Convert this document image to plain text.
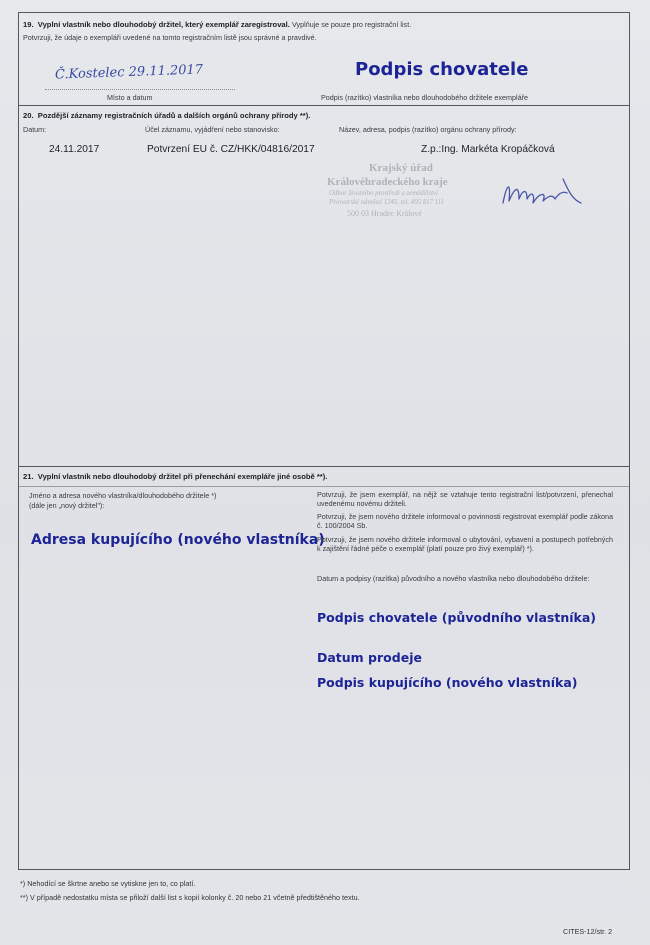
19. Vyplní vlastník nebo dlouhodobý držitel, který exemplář zaregistroval. Vyplňuje se pouze pro registrační list.
Potvrzuji, že údaje o exempláři uvedené na tomto registračním listě jsou správné a pravdivé.
Č.Kostelec 29.11.2017
Místo a datum
Podpis chovatele
Podpis (razítko) vlastníka nebo dlouhodobého držitele exempláře
20. Pozdější záznamy registračních úřadů a dalších orgánů ochrany přírody **).
Datum:	Účel záznamu, vyjádření nebo stanovisko:	Název, adresa, podpis (razítko) orgánu ochrany přírody:
24.11.2017	Potvrzení EU č. CZ/HKK/04816/2017	Z.p.:Ing. Markéta Kropáčková
Krajský úřad
Královéhradeckého kraje
Odbor životního prostředí a zemědělství
Pivovarské náměstí 1245, tel. 495 817 111
500 03 Hradec Králové
21. Vyplní vlastník nebo dlouhodobý držitel při přenechání exempláře jiné osobě **).
Jméno a adresa nového vlastníka/dlouhodobého držitele *)
(dále jen „nový držitel"):
Adresa kupujícího (nového vlastníka)
Potvrzuji, že jsem exemplář, na nějž se vztahuje tento registrační list/potvrzení, přenechal uvedenému novému držiteli.
Potvrzuji, že jsem nového držitele informoval o povinnosti registrovat exemplář podle zákona č. 100/2004 Sb.
Potvrzuji, že jsem nového držitele informoval o ubytování, vybavení a postupech potřebných k zajištění řádné péče o exemplář (platí pouze pro živý exemplář) *).
Datum a podpisy (razítka) původního a nového vlastníka nebo dlouhodobého držitele:
Podpis chovatele (původního vlastníka)
Datum prodeje
Podpis kupujícího (nového vlastníka)
*) Nehodící se škrtne anebo se vytiskne jen to, co platí.
**) V případě nedostatku místa se přiloží další list s kopií kolonky č. 20 nebo 21 včetně předtištěného textu.
CITES-12/str. 2
